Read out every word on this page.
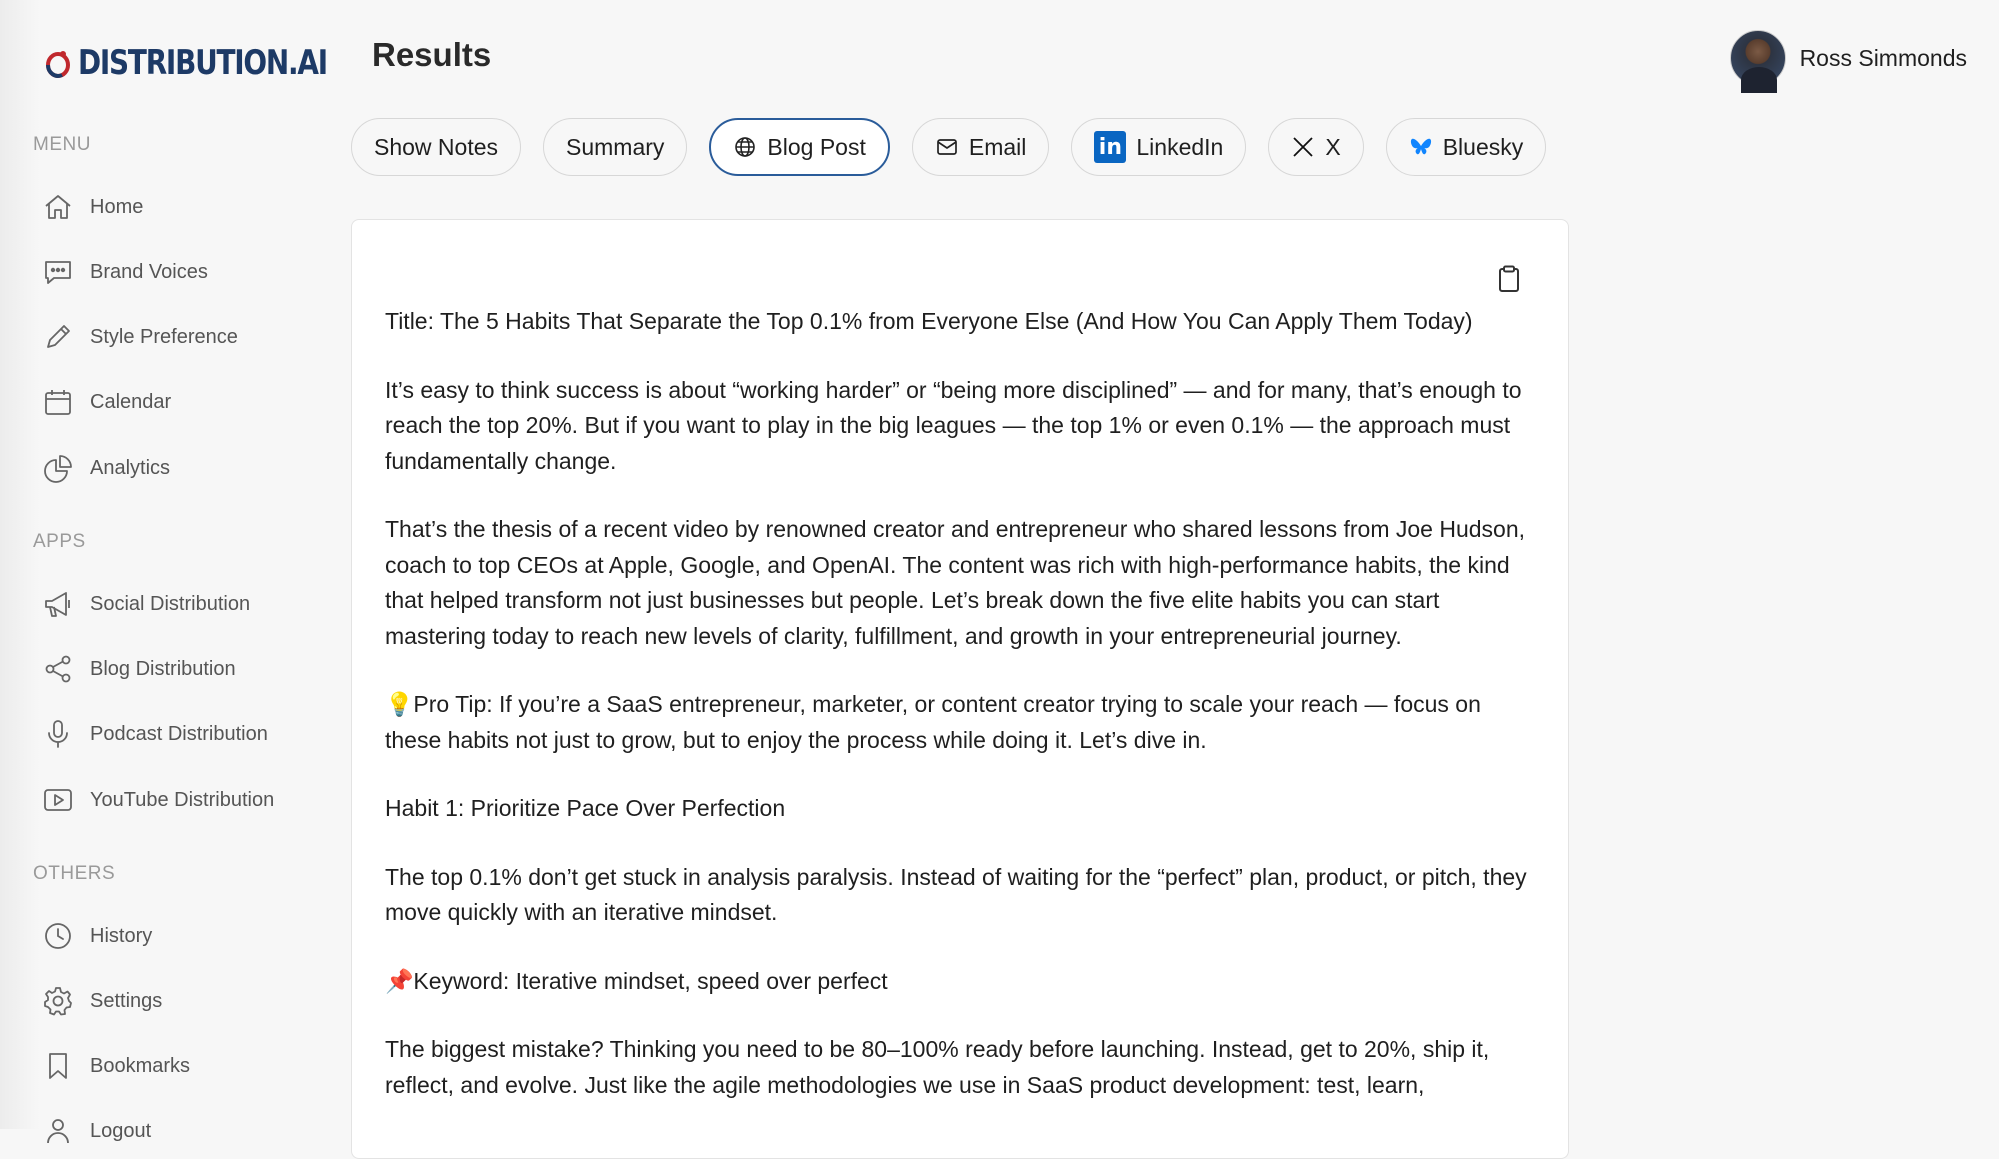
DISTRIBUTION.AI
MENU
Home
Brand Voices
Style Preference
Calendar
Analytics
APPS
Social Distribution
Blog Distribution
Podcast Distribution
YouTube Distribution
OTHERS
History
Settings
Bookmarks
Logout
Results	Ross Simmonds
Show Notes	Summary	Blog Post	Email	in LinkedIn	X	Bluesky

Title: The 5 Habits That Separate the Top 0.1% from Everyone Else (And How You Can Apply Them Today)

It’s easy to think success is about “working harder” or “being more disciplined” — and for many, that’s enough to reach the top 20%. But if you want to play in the big leagues — the top 1% or even 0.1% — the approach must fundamentally change.

That’s the thesis of a recent video by renowned creator and entrepreneur who shared lessons from Joe Hudson, coach to top CEOs at Apple, Google, and OpenAI. The content was rich with high-performance habits, the kind that helped transform not just businesses but people. Let’s break down the five elite habits you can start mastering today to reach new levels of clarity, fulfillment, and growth in your entrepreneurial journey.

💡 Pro Tip: If you’re a SaaS entrepreneur, marketer, or content creator trying to scale your reach — focus on these habits not just to grow, but to enjoy the process while doing it. Let’s dive in.

Habit 1: Prioritize Pace Over Perfection

The top 0.1% don’t get stuck in analysis paralysis. Instead of waiting for the “perfect” plan, product, or pitch, they move quickly with an iterative mindset.

📌 Keyword: Iterative mindset, speed over perfect

The biggest mistake? Thinking you need to be 80–100% ready before launching. Instead, get to 20%, ship it, reflect, and evolve. Just like the agile methodologies we use in SaaS product development: test, learn,
